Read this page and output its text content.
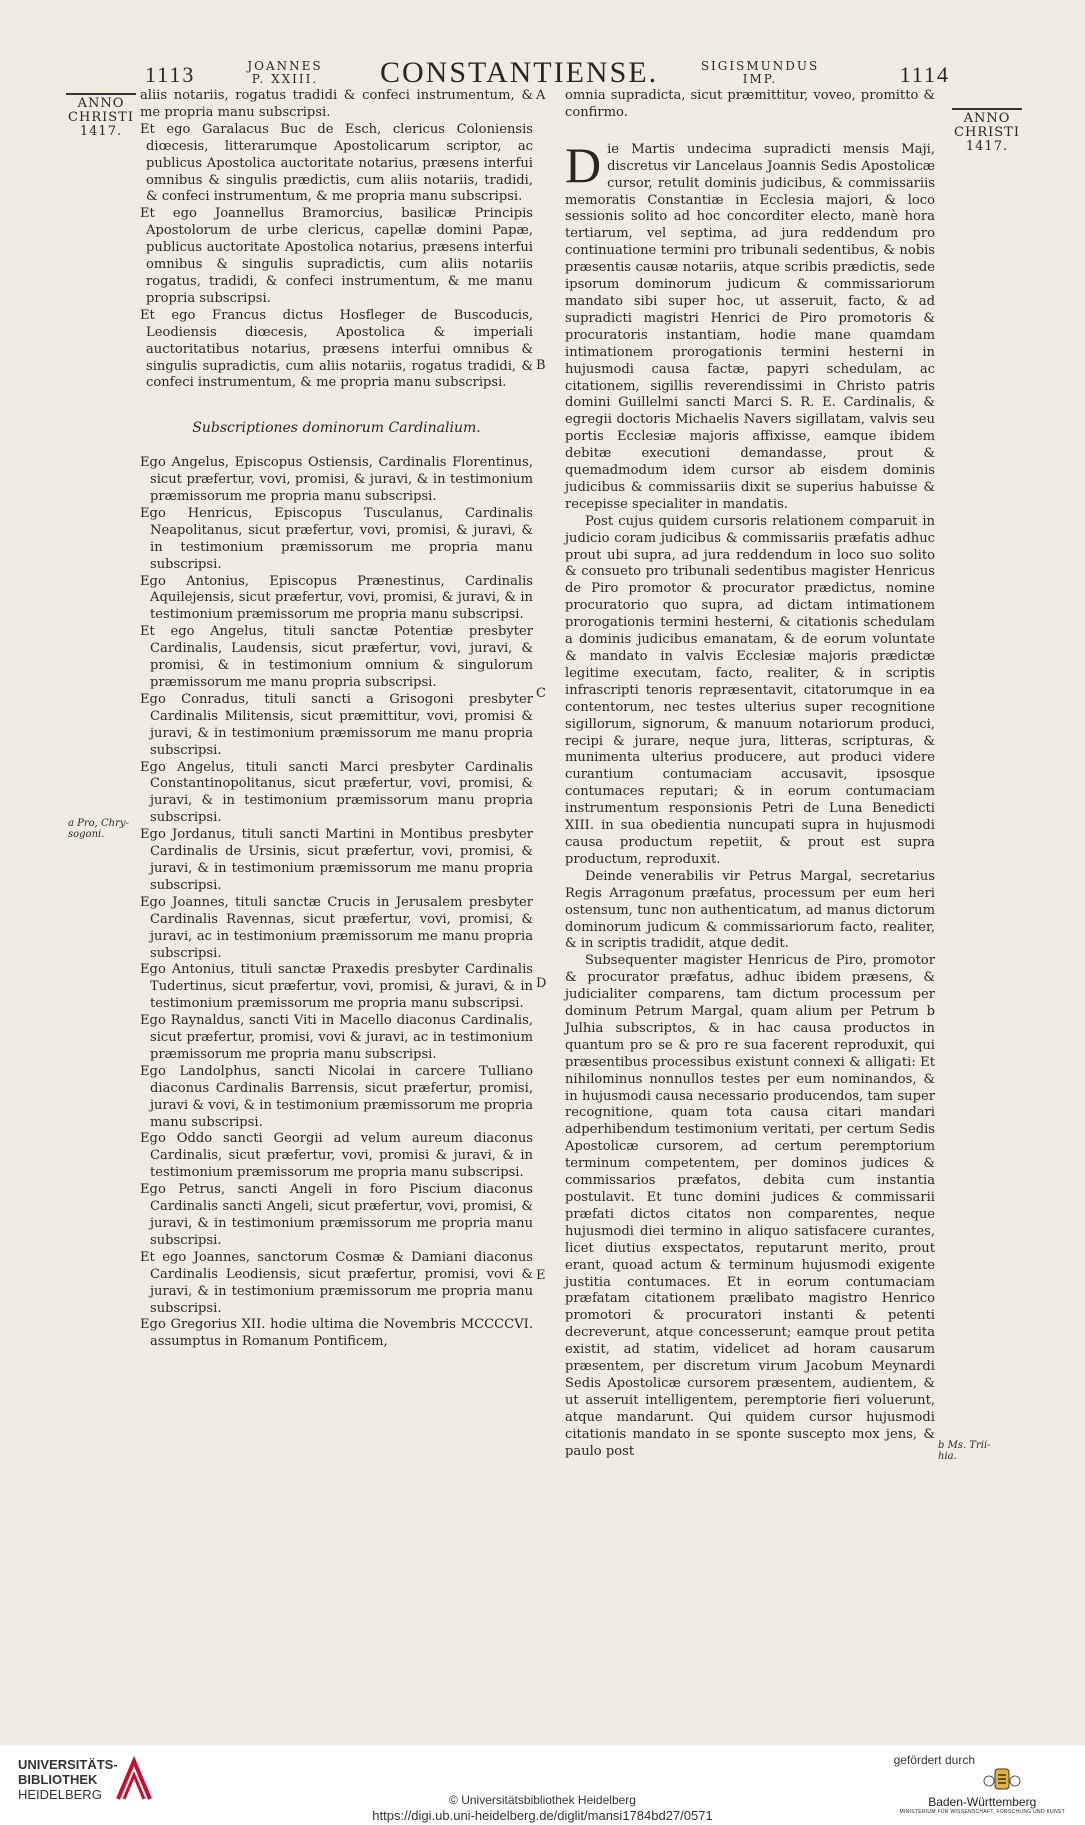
1113	JOANNES
P. XXIII.	CONSTANTIENSE.	SIGISMUNDUS
IMP.	1114
ANNO
CHRISTI
1417.
ANNO
CHRISTI
1417.
a Pro, Chry-
sogoni.
b Ms. Trii-
hia.
A
B
C
D
E

aliis notariis, rogatus tradidi & confeci instrumentum, & me propria manu subscripsi.

Et ego Garalacus Buc de Esch, clericus Coloniensis diœcesis, litterarumque Apostolicarum scriptor, ac publicus Apostolica auctoritate notarius, præsens interfui omnibus & singulis prædictis, cum aliis notariis, tradidi, & confeci instrumentum, & me propria manu subscripsi.

Et ego Joannellus Bramorcius, basilicæ Principis Apostolorum de urbe clericus, capellæ domini Papæ, publicus auctoritate Apostolica notarius, præsens interfui omnibus & singulis supradictis, cum aliis notariis rogatus, tradidi, & confeci instrumentum, & me manu propria subscripsi.

Et ego Francus dictus Hosfleger de Buscoducis, Leodiensis diœcesis, Apostolica & imperiali auctoritatibus notarius, præsens interfui omnibus & singulis supradictis, cum aliis notariis, rogatus tradidi, & confeci instrumentum, & me propria manu subscripsi.

Subscriptiones dominorum Cardinalium.

Ego Angelus, Episcopus Ostiensis, Cardinalis Florentinus, sicut præfertur, vovi, promisi, & juravi, & in testimonium præmissorum me propria manu subscripsi.

Ego Henricus, Episcopus Tusculanus, Cardinalis Neapolitanus, sicut præfertur, vovi, promisi, & juravi, & in testimonium præmissorum me propria manu subscripsi.

Ego Antonius, Episcopus Prænestinus, Cardinalis Aquilejensis, sicut præfertur, vovi, promisi, & juravi, & in testimonium præmissorum me propria manu subscripsi.

Et ego Angelus, tituli sanctæ Potentiæ presbyter Cardinalis, Laudensis, sicut præfertur, vovi, juravi, & promisi, & in testimonium omnium & singulorum præmissorum me manu propria subscripsi.

Ego Conradus, tituli sancti a Grisogoni presbyter Cardinalis Militensis, sicut præmittitur, vovi, promisi & juravi, & in testimonium præmissorum me manu propria subscripsi.

Ego Angelus, tituli sancti Marci presbyter Cardinalis Constantinopolitanus, sicut præfertur, vovi, promisi, & juravi, & in testimonium præmissorum manu propria subscripsi.

Ego Jordanus, tituli sancti Martini in Montibus presbyter Cardinalis de Ursinis, sicut præfertur, vovi, promisi, & juravi, & in testimonium præmissorum me manu propria subscripsi.

Ego Joannes, tituli sanctæ Crucis in Jerusalem presbyter Cardinalis Ravennas, sicut præfertur, vovi, promisi, & juravi, ac in testimonium præmissorum me manu propria subscripsi.

Ego Antonius, tituli sanctæ Praxedis presbyter Cardinalis Tudertinus, sicut præfertur, vovi, promisi, & juravi, & in testimonium præmissorum me propria manu subscripsi.

Ego Raynaldus, sancti Viti in Macello diaconus Cardinalis, sicut præfertur, promisi, vovi & juravi, ac in testimonium præmissorum me propria manu subscripsi.

Ego Landolphus, sancti Nicolai in carcere Tulliano diaconus Cardinalis Barrensis, sicut præfertur, promisi, juravi & vovi, & in testimonium præmissorum me propria manu subscripsi.

Ego Oddo sancti Georgii ad velum aureum diaconus Cardinalis, sicut præfertur, vovi, promisi & juravi, & in testimonium præmissorum me propria manu subscripsi.

Ego Petrus, sancti Angeli in foro Piscium diaconus Cardinalis sancti Angeli, sicut præfertur, vovi, promisi, & juravi, & in testimonium præmissorum me propria manu subscripsi.

Et ego Joannes, sanctorum Cosmæ & Damiani diaconus Cardinalis Leodiensis, sicut præfertur, promisi, vovi & juravi, & in testimonium præmissorum me propria manu subscripsi.

Ego Gregorius XII. hodie ultima die Novembris MCCCCVI. assumptus in Romanum Pontificem,

omnia supradicta, sicut præmittitur, voveo, promitto & confirmo.

D ie Martis undecima supradicti mensis Maji, discretus vir Lancelaus Joannis Sedis Apostolicæ cursor, retulit dominis judicibus, & commissariis memoratis Constantiæ in Ecclesia majori, & loco sessionis solito ad hoc concorditer electo, manè hora tertiarum, vel septima, ad jura reddendum pro continuatione termini pro tribunali sedentibus, & nobis præsentis causæ notariis, atque scribis prædictis, sede ipsorum dominorum judicum & commissariorum mandato sibi super hoc, ut asseruit, facto, & ad supradicti magistri Henrici de Piro promotoris & procuratoris instantiam, hodie mane quamdam intimationem prorogationis termini hesterni in hujusmodi causa factæ, papyri schedulam, ac citationem, sigillis reverendissimi in Christo patris domini Guillelmi sancti Marci S. R. E. Cardinalis, & egregii doctoris Michaelis Navers sigillatam, valvis seu portis Ecclesiæ majoris affixisse, eamque ibidem debitæ executioni demandasse, prout & quemadmodum idem cursor ab eisdem dominis judicibus & commissariis dixit se superius habuisse & recepisse specialiter in mandatis.

Post cujus quidem cursoris relationem comparuit in judicio coram judicibus & commissariis præfatis adhuc prout ubi supra, ad jura reddendum in loco suo solito & consueto pro tribunali sedentibus magister Henricus de Piro promotor & procurator prædictus, nomine procuratorio quo supra, ad dictam intimationem prorogationis termini hesterni, & citationis schedulam a dominis judicibus emanatam, & de eorum voluntate & mandato in valvis Ecclesiæ majoris prædictæ legitime executam, facto, realiter, & in scriptis infrascripti tenoris repræsentavit, citatorumque in ea contentorum, nec testes ulterius super recognitione sigillorum, signorum, & manuum notariorum produci, recipi & jurare, neque jura, litteras, scripturas, & munimenta ulterius producere, aut produci videre curantium contumaciam accusavit, ipsosque contumaces reputari; & in eorum contumaciam instrumentum responsionis Petri de Luna Benedicti XIII. in sua obedientia nuncupati supra in hujusmodi causa productum repetiit, & prout est supra productum, reproduxit.

Deinde venerabilis vir Petrus Margal, secretarius Regis Arragonum præfatus, processum per eum heri ostensum, tunc non authenticatum, ad manus dictorum dominorum judicum & commissariorum facto, realiter, & in scriptis tradidit, atque dedit.

Subsequenter magister Henricus de Piro, promotor & procurator præfatus, adhuc ibidem præsens, & judicialiter comparens, tam dictum processum per dominum Petrum Margal, quam alium per Petrum b Julhia subscriptos, & in hac causa productos in quantum pro se & pro re sua facerent reproduxit, qui præsentibus processibus existunt connexi & alligati: Et nihilominus nonnullos testes per eum nominandos, & in hujusmodi causa necessario producendos, tam super recognitione, quam tota causa citari mandari adperhibendum testimonium veritati, per certum Sedis Apostolicæ cursorem, ad certum peremptorium terminum competentem, per dominos judices & commissarios præfatos, debita cum instantia postulavit. Et tunc domini judices & commissarii præfati dictos citatos non comparentes, neque hujusmodi diei termino in aliquo satisfacere curantes, licet diutius exspectatos, reputarunt merito, prout erant, quoad actum & terminum hujusmodi exigente justitia contumaces. Et in eorum contumaciam præfatam citationem prælibato magistro Henrico promotori & procuratori instanti & petenti decreverunt, atque concesserunt; eamque prout petita existit, ad statim, videlicet ad horam causarum præsentem, per discretum virum Jacobum Meynardi Sedis Apostolicæ cursorem præsentem, audientem, & ut asseruit intelligentem, peremptorie fieri voluerunt, atque mandarunt. Qui quidem cursor hujusmodi citationis mandato in se sponte suscepto mox jens, & paulo post

UNIVERSITÄTS-
BIBLIOTHEK
HEIDELBERG	© Universitätsbibliothek Heidelberg
https://digi.ub.uni-heidelberg.de/diglit/mansi1784bd27/0571
gefördert durch
Baden-Württemberg
MINISTERIUM FÜR WISSENSCHAFT, FORSCHUNG UND KUNST
